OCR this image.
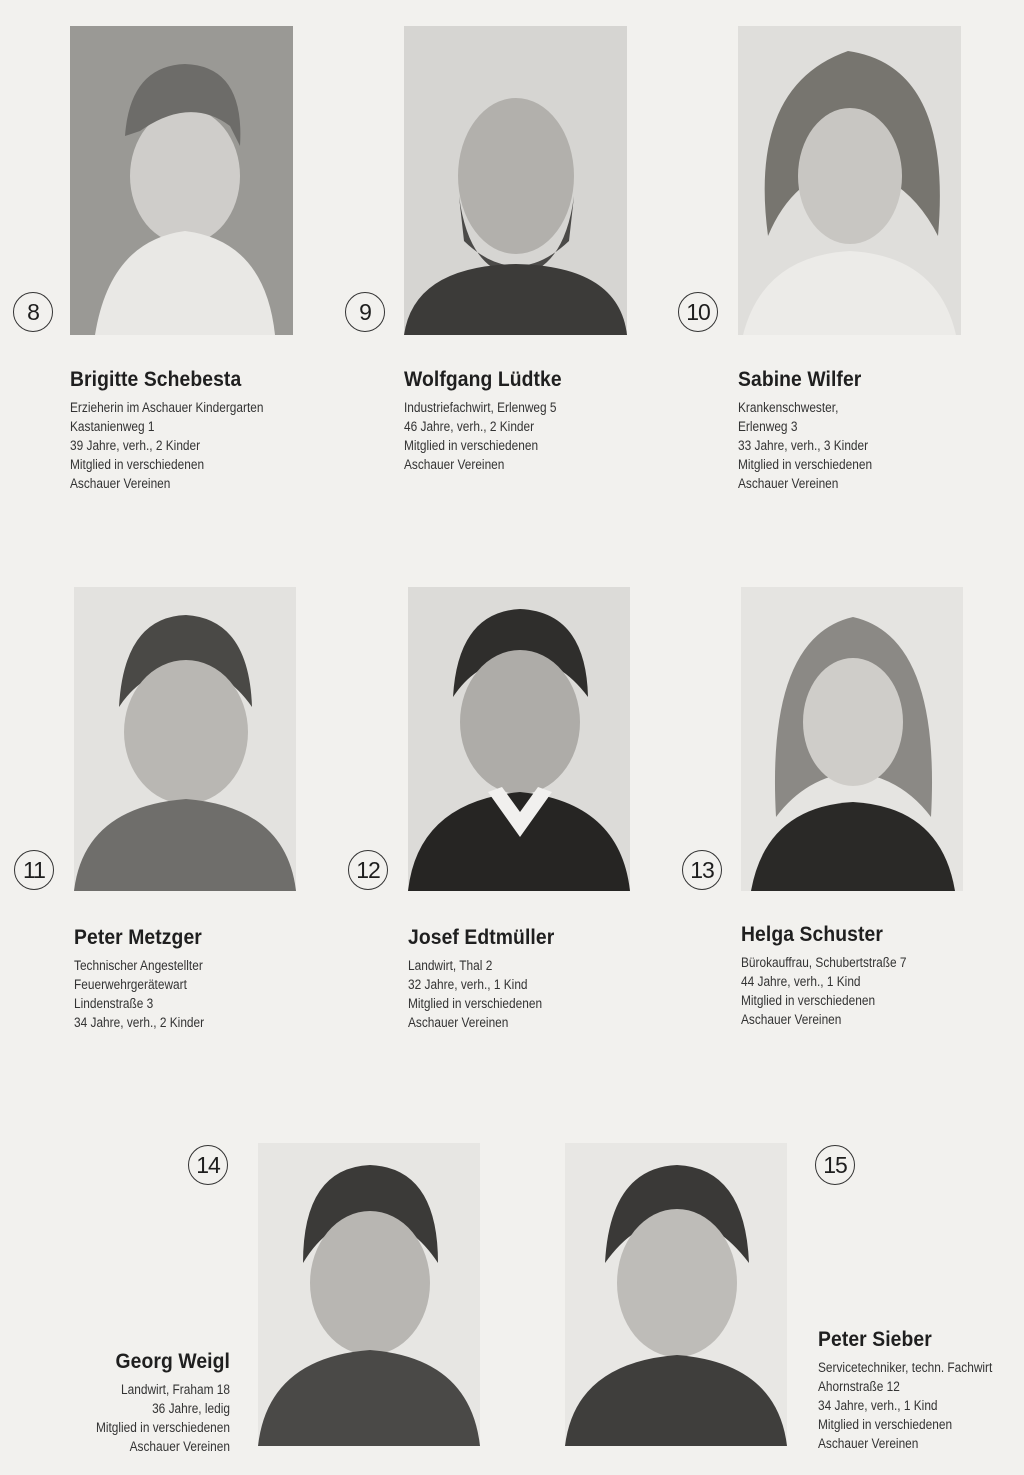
8
Brigitte Schebesta
Erzieherin im Aschauer Kindergarten
Kastanienweg 1
39 Jahre, verh., 2 Kinder
Mitglied in verschiedenen
Aschauer Vereinen
9
Wolfgang Lüdtke
Industriefachwirt, Erlenweg 5
46 Jahre, verh., 2 Kinder
Mitglied in verschiedenen
Aschauer Vereinen
10
Sabine Wilfer
Krankenschwester,
Erlenweg 3
33 Jahre, verh., 3 Kinder
Mitglied in verschiedenen
Aschauer Vereinen
11
Peter Metzger
Technischer Angestellter
Feuerwehrgerätewart
Lindenstraße 3
34 Jahre, verh., 2 Kinder
12
Josef Edtmüller
Landwirt, Thal 2
32 Jahre, verh., 1 Kind
Mitglied in verschiedenen
Aschauer Vereinen
13
Helga Schuster
Bürokauffrau, Schubertstraße 7
44 Jahre, verh., 1 Kind
Mitglied in verschiedenen
Aschauer Vereinen
14
Georg Weigl
Landwirt, Fraham 18
36 Jahre, ledig
Mitglied in verschiedenen
Aschauer Vereinen
15
Peter Sieber
Servicetechniker, techn. Fachwirt
Ahornstraße 12
34 Jahre, verh., 1 Kind
Mitglied in verschiedenen
Aschauer Vereinen
